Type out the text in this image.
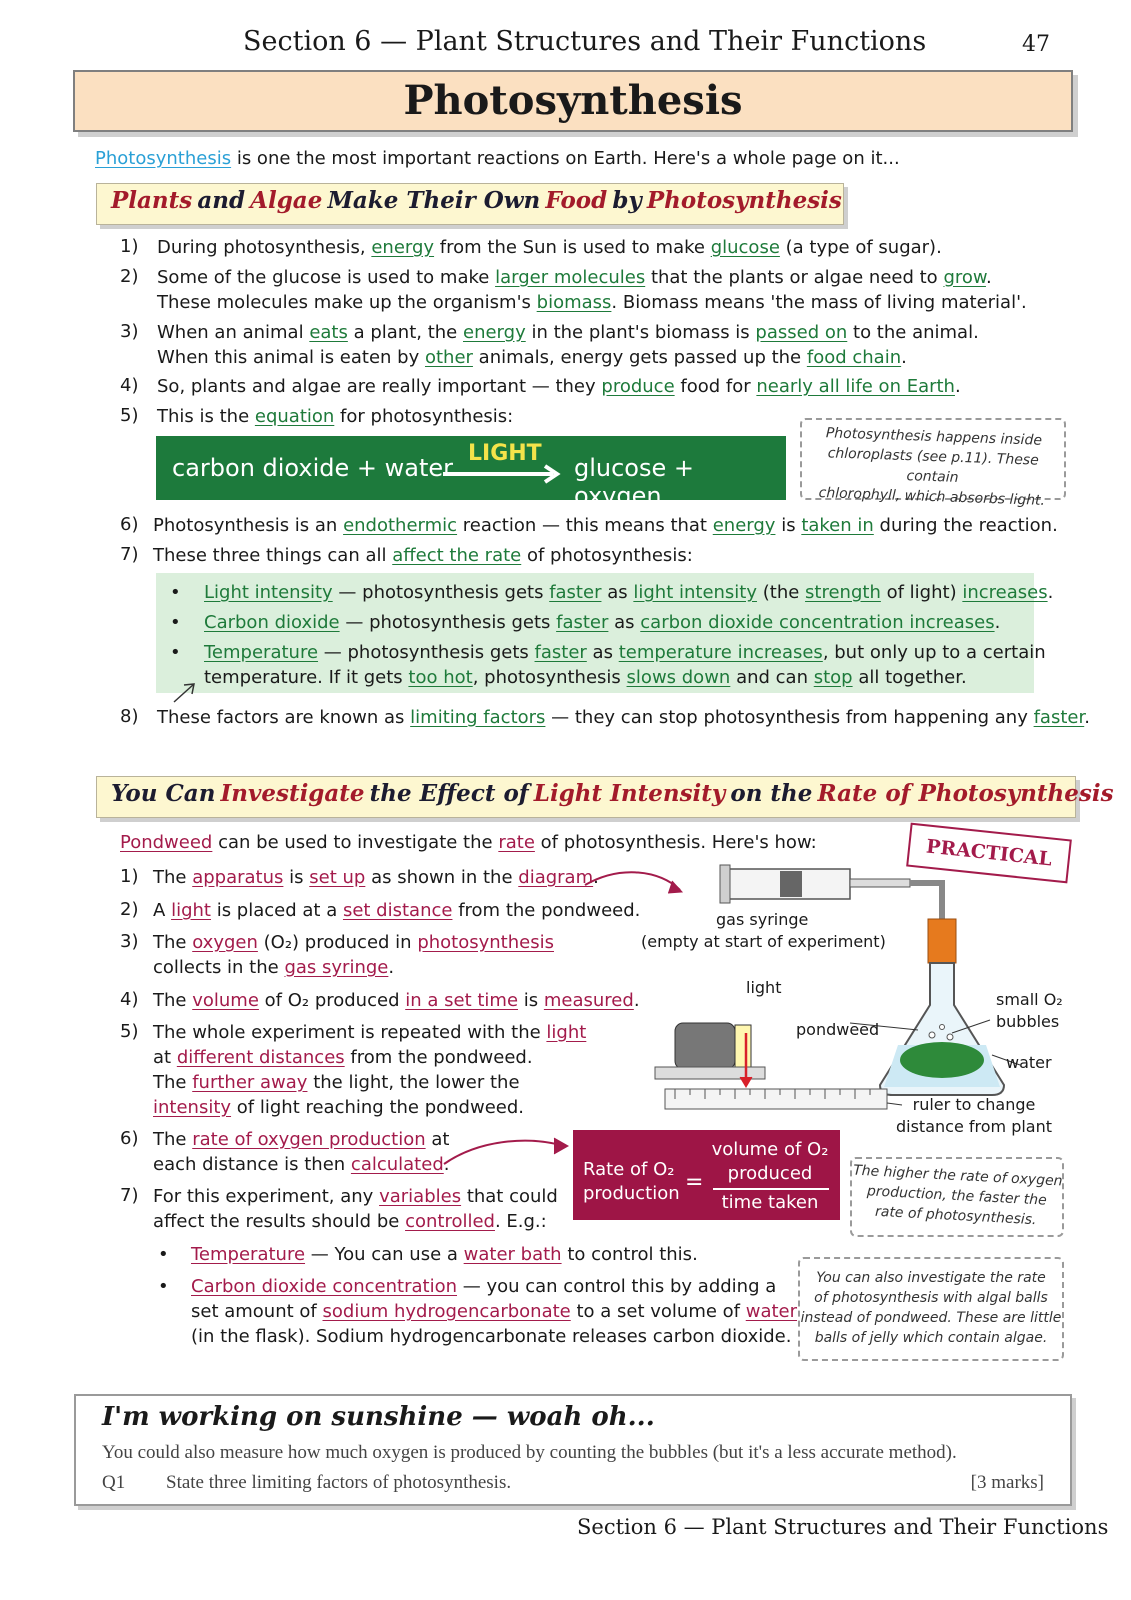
Section 6 — Plant Structures and Their Functions	47
Photosynthesis
Photosynthesis is one the most important reactions on Earth. Here's a whole page on it...
Plants and Algae Make Their Own Food by Photosynthesis
1) During photosynthesis, energy from the Sun is used to make glucose (a type of sugar).
2) Some of the glucose is used to make larger molecules that the plants or algae need to grow.
These molecules make up the organism's biomass. Biomass means 'the mass of living material'.
3) When an animal eats a plant, the energy in the plant's biomass is passed on to the animal.
When this animal is eaten by other animals, energy gets passed up the food chain.
4) So, plants and algae are really important — they produce food for nearly all life on Earth.
5) This is the equation for photosynthesis:
carbon dioxide + water
LIGHT
glucose + oxygen
Photosynthesis happens inside
chloroplasts (see p.11). These contain
chlorophyll, which absorbs light.
6) Photosynthesis is an endothermic reaction — this means that energy is taken in during the reaction.
7) These three things can all affect the rate of photosynthesis:
• Light intensity — photosynthesis gets faster as light intensity (the strength of light) increases.
• Carbon dioxide — photosynthesis gets faster as carbon dioxide concentration increases.
• Temperature — photosynthesis gets faster as temperature increases, but only up to a certain
temperature. If it gets too hot, photosynthesis slows down and can stop all together.
8) These factors are known as limiting factors — they can stop photosynthesis from happening any faster.
You Can Investigate the Effect of Light Intensity on the Rate of Photosynthesis
PRACTICAL
Pondweed can be used to investigate the rate of photosynthesis. Here's how:
1) The apparatus is set up as shown in the diagram.
2) A light is placed at a set distance from the pondweed.
3) The oxygen (O₂) produced in photosynthesis
collects in the gas syringe.
4) The volume of O₂ produced in a set time is measured.
5) The whole experiment is repeated with the light
at different distances from the pondweed.
The further away the light, the lower the
intensity of light reaching the pondweed.
6) The rate of oxygen production at
each distance is then calculated.
7) For this experiment, any variables that could
affect the results should be controlled. E.g.:
• Temperature — You can use a water bath to control this.
• Carbon dioxide concentration — you can control this by adding a
set amount of sodium hydrogencarbonate to a set volume of water
(in the flask). Sodium hydrogencarbonate releases carbon dioxide.
gas syringe
(empty at start of experiment)
light
pondweed
small O₂ bubbles
water
ruler to change distance from plant
Rate of O₂ production =
volume of O₂ produced
time taken
The higher the rate of oxygen
production, the faster the
rate of photosynthesis.
You can also investigate the rate
of photosynthesis with algal balls
instead of pondweed. These are little
balls of jelly which contain algae.
I'm working on sunshine — woah oh...
You could also measure how much oxygen is produced by counting the bubbles (but it's a less accurate method).
Q1 State three limiting factors of photosynthesis.	[3 marks]
Section 6 — Plant Structures and Their Functions
